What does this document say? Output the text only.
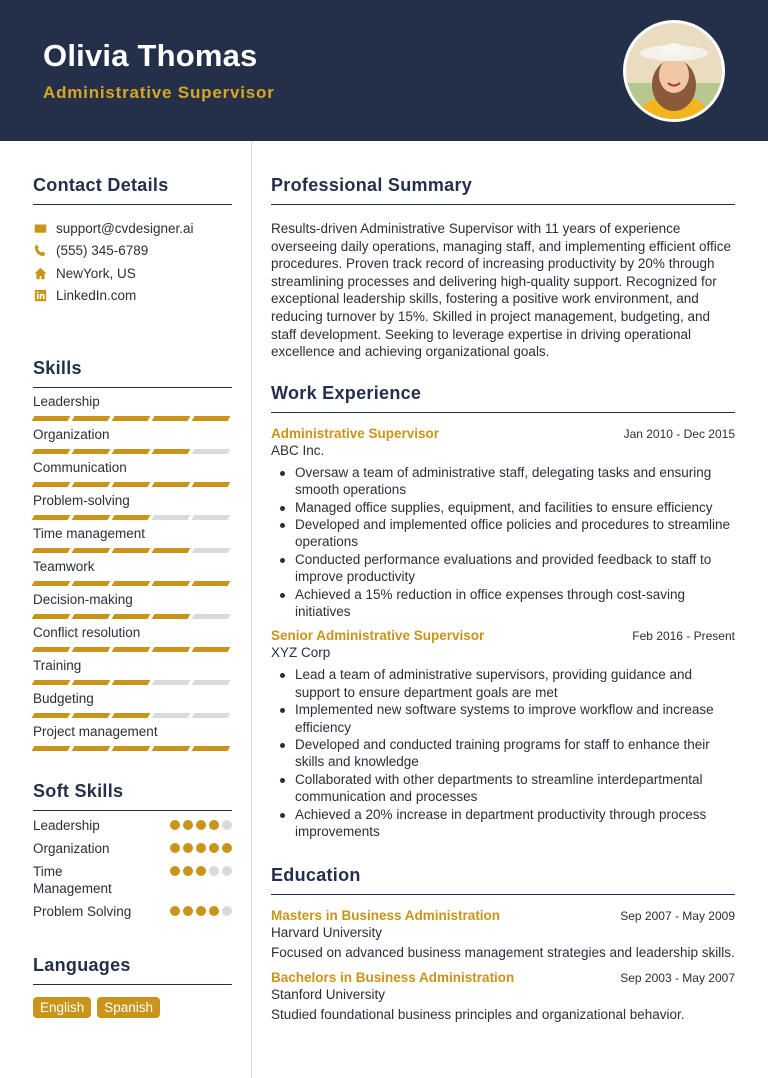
Olivia Thomas
Administrative Supervisor
Contact Details
support@cvdesigner.ai
(555) 345-6789
NewYork, US
LinkedIn.com
Skills
Leadership
Organization
Communication
Problem-solving
Time management
Teamwork
Decision-making
Conflict resolution
Training
Budgeting
Project management
Soft Skills
Leadership
Organization
Time Management
Problem Solving
Languages
English	Spanish
Professional Summary

Results-driven Administrative Supervisor with 11 years of experience overseeing daily operations, managing staff, and implementing efficient office procedures. Proven track record of increasing productivity by 20% through streamlining processes and delivering high-quality support. Recognized for exceptional leadership skills, fostering a positive work environment, and reducing turnover by 15%. Skilled in project management, budgeting, and staff development. Seeking to leverage expertise in driving operational excellence and achieving organizational goals.

Work Experience
Administrative Supervisor	Jan 2010 - Dec 2015
ABC Inc.
Oversaw a team of administrative staff, delegating tasks and ensuring smooth operations
Managed office supplies, equipment, and facilities to ensure efficiency
Developed and implemented office policies and procedures to streamline operations
Conducted performance evaluations and provided feedback to staff to improve productivity
Achieved a 15% reduction in office expenses through cost-saving initiatives
Senior Administrative Supervisor	Feb 2016 - Present
XYZ Corp
Lead a team of administrative supervisors, providing guidance and support to ensure department goals are met
Implemented new software systems to improve workflow and increase efficiency
Developed and conducted training programs for staff to enhance their skills and knowledge
Collaborated with other departments to streamline interdepartmental communication and processes
Achieved a 20% increase in department productivity through process improvements
Education
Masters in Business Administration	Sep 2007 - May 2009
Harvard University
Focused on advanced business management strategies and leadership skills.
Bachelors in Business Administration	Sep 2003 - May 2007
Stanford University
Studied foundational business principles and organizational behavior.
